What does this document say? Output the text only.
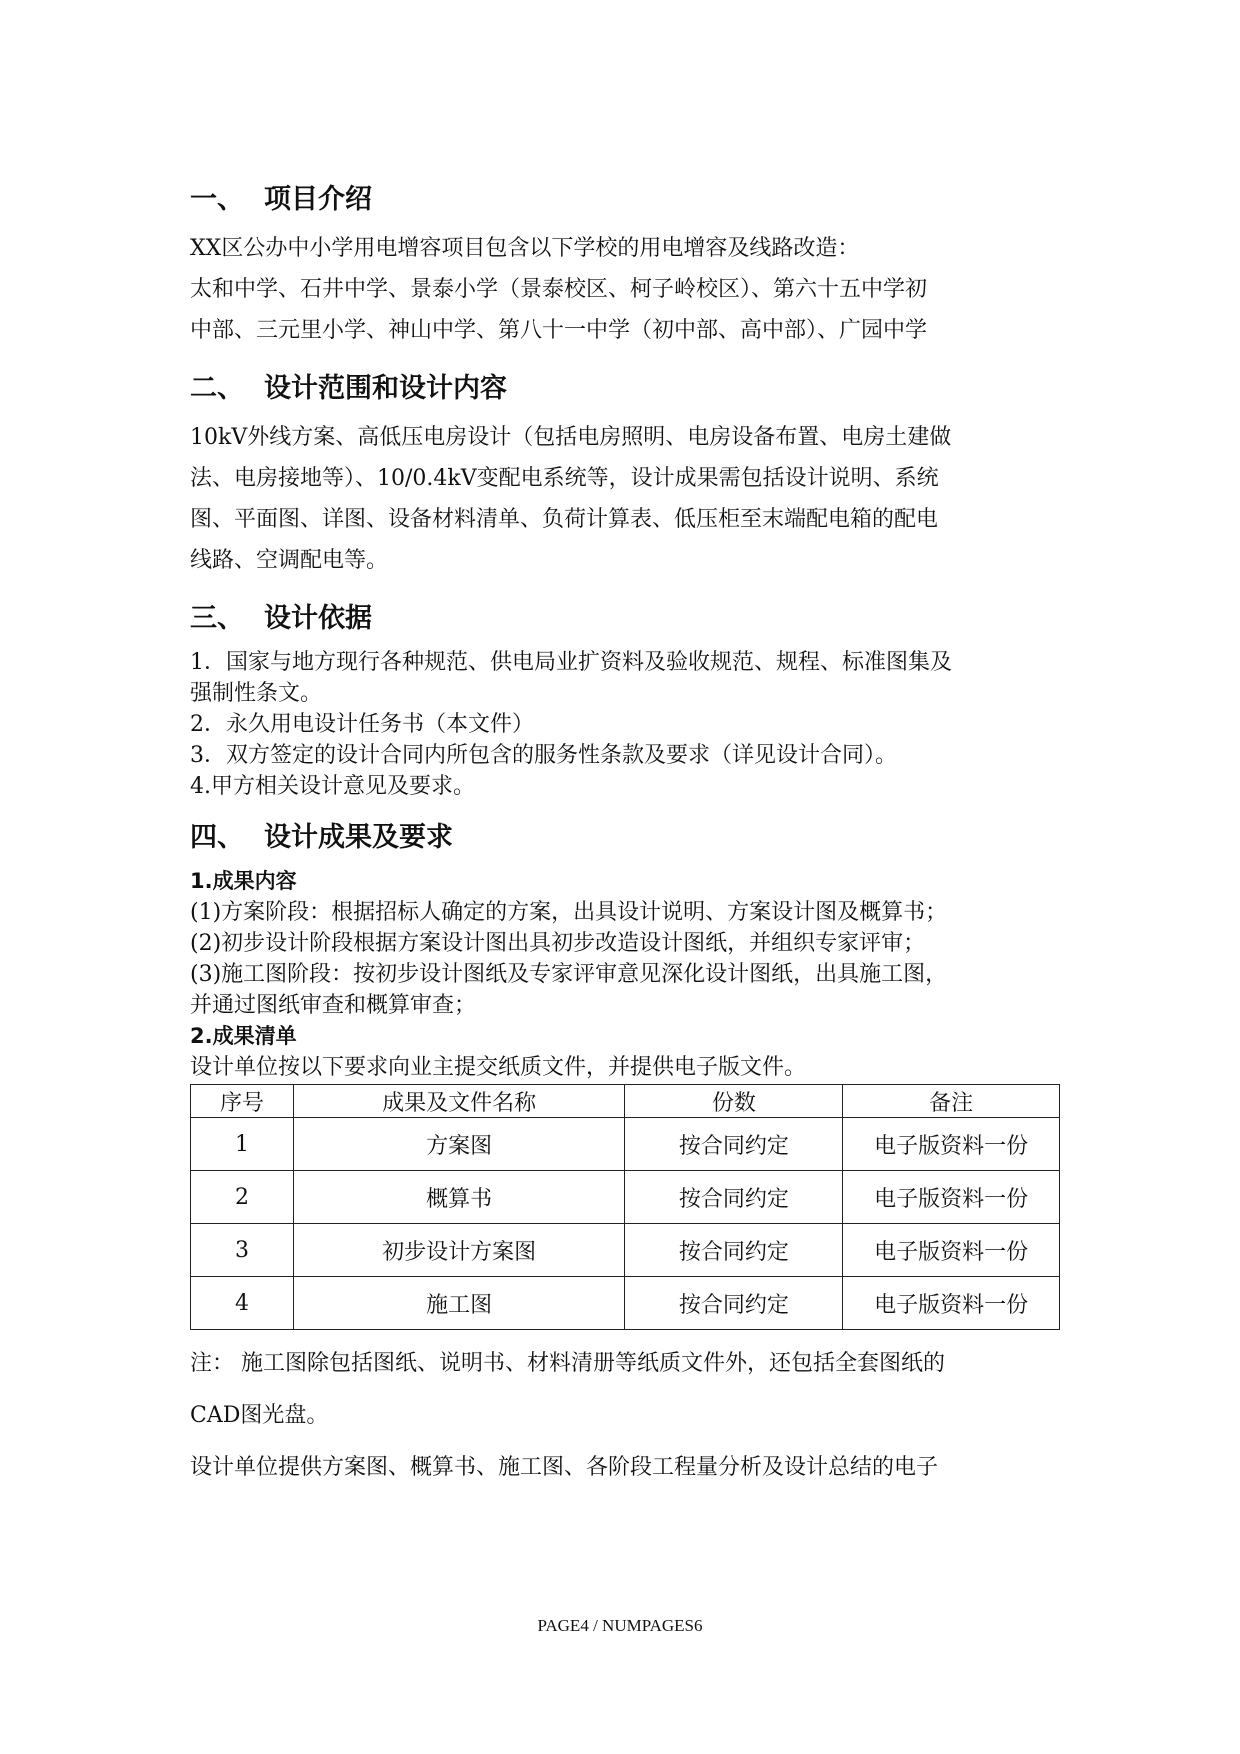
一、 项目介绍

XX区公办中小学用电增容项目包含以下学校的用电增容及线路改造：

太和中学、石井中学、景泰小学（景泰校区、柯子岭校区）、第六十五中学初

中部、三元里小学、神山中学、第八十一中学（初中部、高中部）、广园中学

二、 设计范围和设计内容

10kV外线方案、高低压电房设计（包括电房照明、电房设备布置、电房土建做

法、电房接地等）、10/0.4kV变配电系统等，设计成果需包括设计说明、系统

图、平面图、详图、设备材料清单、负荷计算表、低压柜至末端配电箱的配电

线路、空调配电等。

三、 设计依据

1．国家与地方现行各种规范、供电局业扩资料及验收规范、规程、标准图集及

强制性条文。

2．永久用电设计任务书（本文件）

3．双方签定的设计合同内所包含的服务性条款及要求（详见设计合同）。

4.甲方相关设计意见及要求。

四、 设计成果及要求

1.成果内容

(1)方案阶段：根据招标人确定的方案，出具设计说明、方案设计图及概算书；

(2)初步设计阶段根据方案设计图出具初步改造设计图纸，并组织专家评审；

(3)施工图阶段：按初步设计图纸及专家评审意见深化设计图纸，出具施工图，

并通过图纸审查和概算审查；

2.成果清单

设计单位按以下要求向业主提交纸质文件，并提供电子版文件。

序号	成果及文件名称	份数	备注
1	方案图	按合同约定	电子版资料一份
2	概算书	按合同约定	电子版资料一份
3	初步设计方案图	按合同约定	电子版资料一份
4	施工图	按合同约定	电子版资料一份

注： 施工图除包括图纸、说明书、材料清册等纸质文件外，还包括全套图纸的

CAD图光盘。

设计单位提供方案图、概算书、施工图、各阶段工程量分析及设计总结的电子

PAGE4 / NUMPAGES6
